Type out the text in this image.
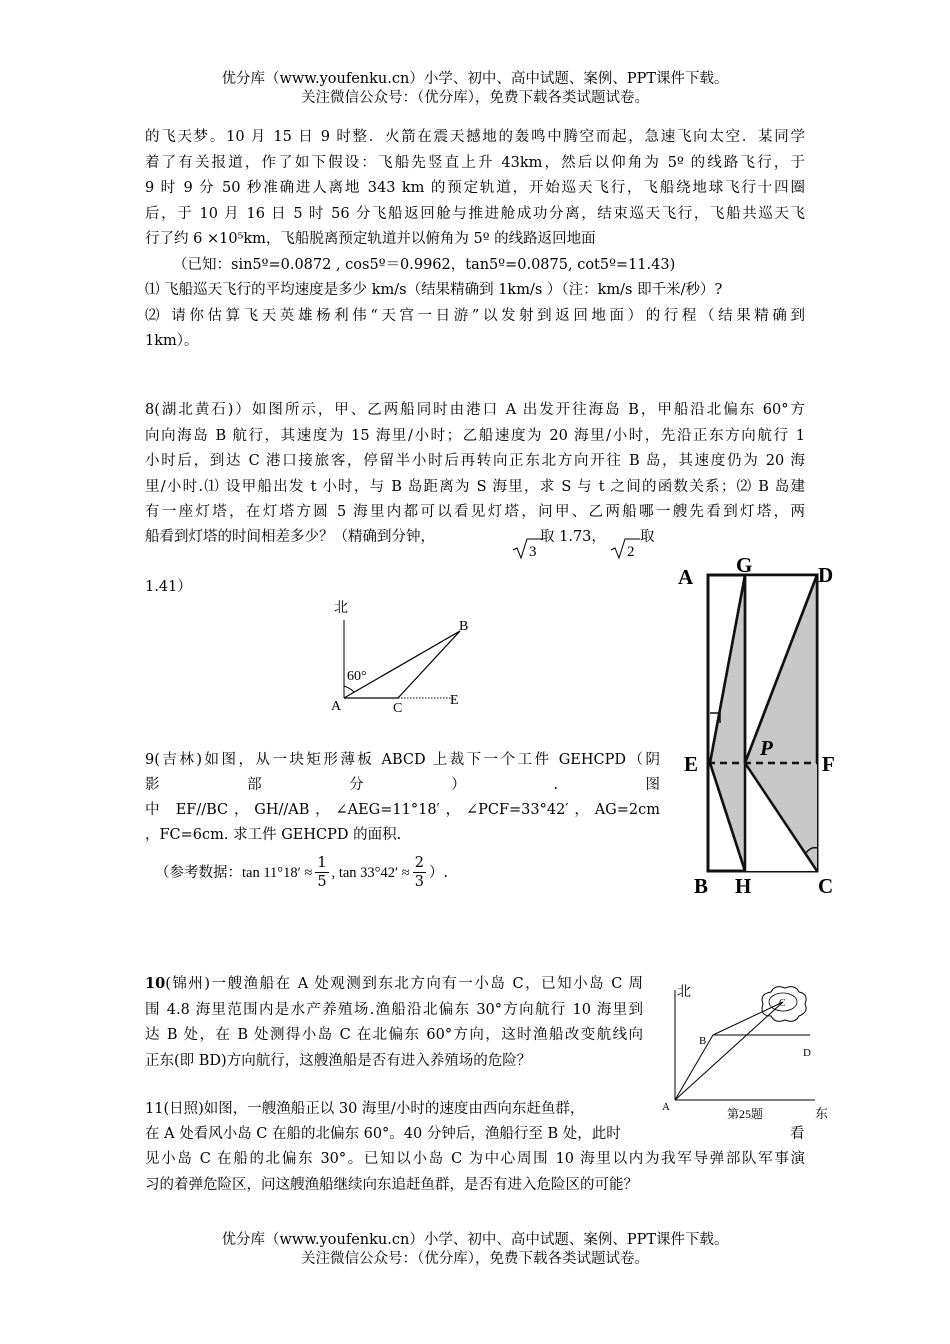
优分库（www.youfenku.cn）小学、初中、高中试题、案例、PPT课件下载。
关注微信公众号：（优分库），免费下载各类试题试卷。
的飞天梦。10 月 15 日 9 时整．火箭在震天撼地的轰鸣中腾空而起，急速飞向太空．某同学
着了有关报道，作了如下假设：飞船先竖直上升 43km，然后以仰角为 5º 的线路飞行，于
9 时 9 分 50 秒准确进人离地 343 km 的预定轨道，开始巡天飞行，飞船绕地球飞行十四圈
后，于 10 月 16 日 5 时 56 分飞船返回舱与推进舱成功分离，结束巡天飞行，飞船共巡天飞
行了约 6 ×10⁵km，飞船脱离预定轨道并以俯角为 5º 的线路返回地面
（已知：sin5º=0.0872 , cos5º＝0.9962，tan5º=0.0875, cot5º=11.43)
⑴ 飞船巡天飞行的平均速度是多少 km/s（结果精确到 1km/s ）（注：km/s 即千米/秒）?
⑵ 请你估算飞天英雄杨利伟“天宫一日游”以发射到返回地面）的行程（结果精确到
1km）。
8(湖北黄石)）如图所示，甲、乙两船同时由港口 A 出发开往海岛 B，甲船沿北偏东 60°方
向向海岛 B 航行，其速度为 15 海里/小时；乙船速度为 20 海里/小时，先沿正东方向航行 1
小时后，到达 C 港口接旅客，停留半小时后再转向正东北方向开往 B 岛，其速度仍为 20 海
里/小时.⑴ 设甲船出发 t 小时，与 B 岛距离为 S 海里，求 S 与 t 之间的函数关系；⑵ B 岛建
有一座灯塔，在灯塔方圆 5 海里内都可以看见灯塔，问甲、乙两船哪一艘先看到灯塔，两
船看到灯塔的时间相差多少？（精确到分钟，	取 1.73， 取
3	2
1.41）
北
60°
A	C
E
B
9(吉林)如图，从一块矩形薄板 ABCD 上裁下一个工件 GEHCPD（阴
影	部	分	）	.	图
中 EF//BC，GH//AB，∠AEG=11°18′，∠PCF=33°42′，AG=2cm
，FC=6cm. 求工件 GEHCPD 的面积.
（参考数据： $\tan 11^\circ 18' \approx \frac{1}{5}$ , $\tan 33^\circ 42' \approx \frac{2}{3}$ ）.
A G	D
E
P
F
B H	C
10(锦州)一艘渔船在 A 处观测到东北方向有一小岛 C，已知小岛 C 周
围 4.8 海里范围内是水产养殖场.渔船沿北偏东 30°方向航行 10 海里到
达 B 处，在 B 处测得小岛 C 在北偏东 60°方向，这时渔船改变航线向
正东(即 BD)方向航行，这艘渔船是否有进入养殖场的危险？
北
东
A
B
C
D
第25题
11(日照)如图，一艘渔船正以 30 海里/小时的速度由西向东赶鱼群，
在 A 处看风小岛 C 在船的北偏东 60°。40 分钟后，渔船行至 B 处，此时	看
见小岛 C 在船的北偏东 30°。已知以小岛 C 为中心周围 10 海里以内为我军导弹部队军事演
习的着弹危险区，问这艘渔船继续向东追赶鱼群，是否有进入危险区的可能？
优分库（www.youfenku.cn）小学、初中、高中试题、案例、PPT课件下载。
关注微信公众号：（优分库），免费下载各类试题试卷。
